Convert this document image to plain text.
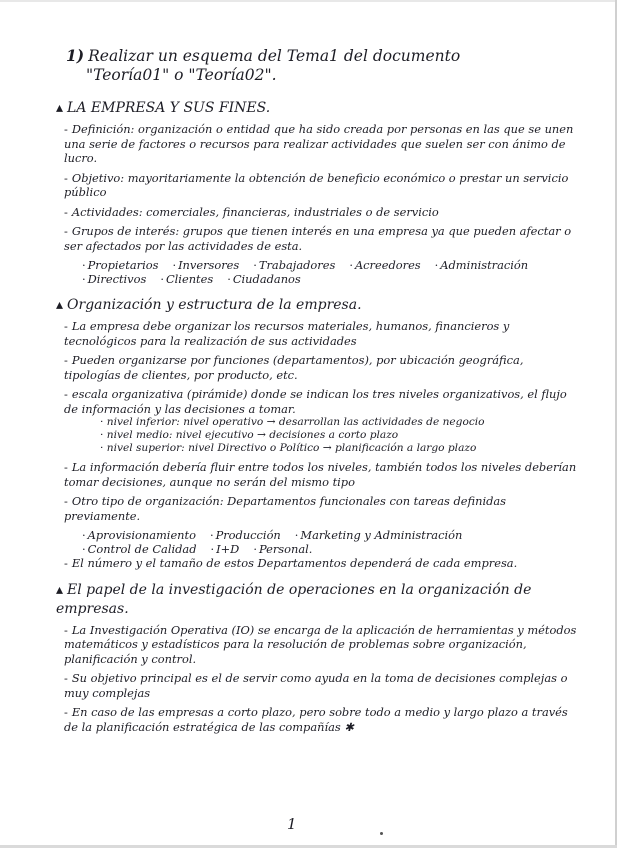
1) Realizar un esquema del Tema1 del documento
"Teoría01" o "Teoría02".
▴ LA EMPRESA Y SUS FINES.
- Definición: organización o entidad que ha sido creada por personas en las que se unen una serie de factores o recursos para realizar actividades que suelen ser con ánimo de lucro.
- Objetivo: mayoritariamente la obtención de beneficio económico o prestar un servicio público
- Actividades: comerciales, financieras, industriales o de servicio
- Grupos de interés: grupos que tienen interés en una empresa ya que pueden afectar o ser afectados por las actividades de esta.
· Propietarios	· Inversores	· Trabajadores	· Acreedores	· Administración
· Directivos	· Clientes	· Ciudadanos
▴ Organización y estructura de la empresa.
- La empresa debe organizar los recursos materiales, humanos, financieros y tecnológicos para la realización de sus actividades
- Pueden organizarse por funciones (departamentos), por ubicación geográfica, tipologías de clientes, por producto, etc.
- escala organizativa (pirámide) donde se indican los tres niveles organizativos, el flujo de información y las decisiones a tomar.
· nivel inferior: nivel operativo → desarrollan las actividades de negocio
· nivel medio: nivel ejecutivo → decisiones a corto plazo
· nivel superior: nivel Directivo o Político → planificación a largo plazo
- La información debería fluir entre todos los niveles, también todos los niveles deberían tomar decisiones, aunque no serán del mismo tipo
- Otro tipo de organización: Departamentos funcionales con tareas definidas previamente.
· Aprovisionamiento	· Producción	· Marketing y Administración
· Control de Calidad	· I+D	· Personal.
- El número y el tamaño de estos Departamentos dependerá de cada empresa.
▴ El papel de la investigación de operaciones en la organización de empresas.
- La Investigación Operativa (IO) se encarga de la aplicación de herramientas y métodos matemáticos y estadísticos para la resolución de problemas sobre organización, planificación y control.
- Su objetivo principal es el de servir como ayuda en la toma de decisiones complejas o muy complejas
- En caso de las empresas a corto plazo, pero sobre todo a medio y largo plazo a través de la planificación estratégica de las compañías ✱
1
